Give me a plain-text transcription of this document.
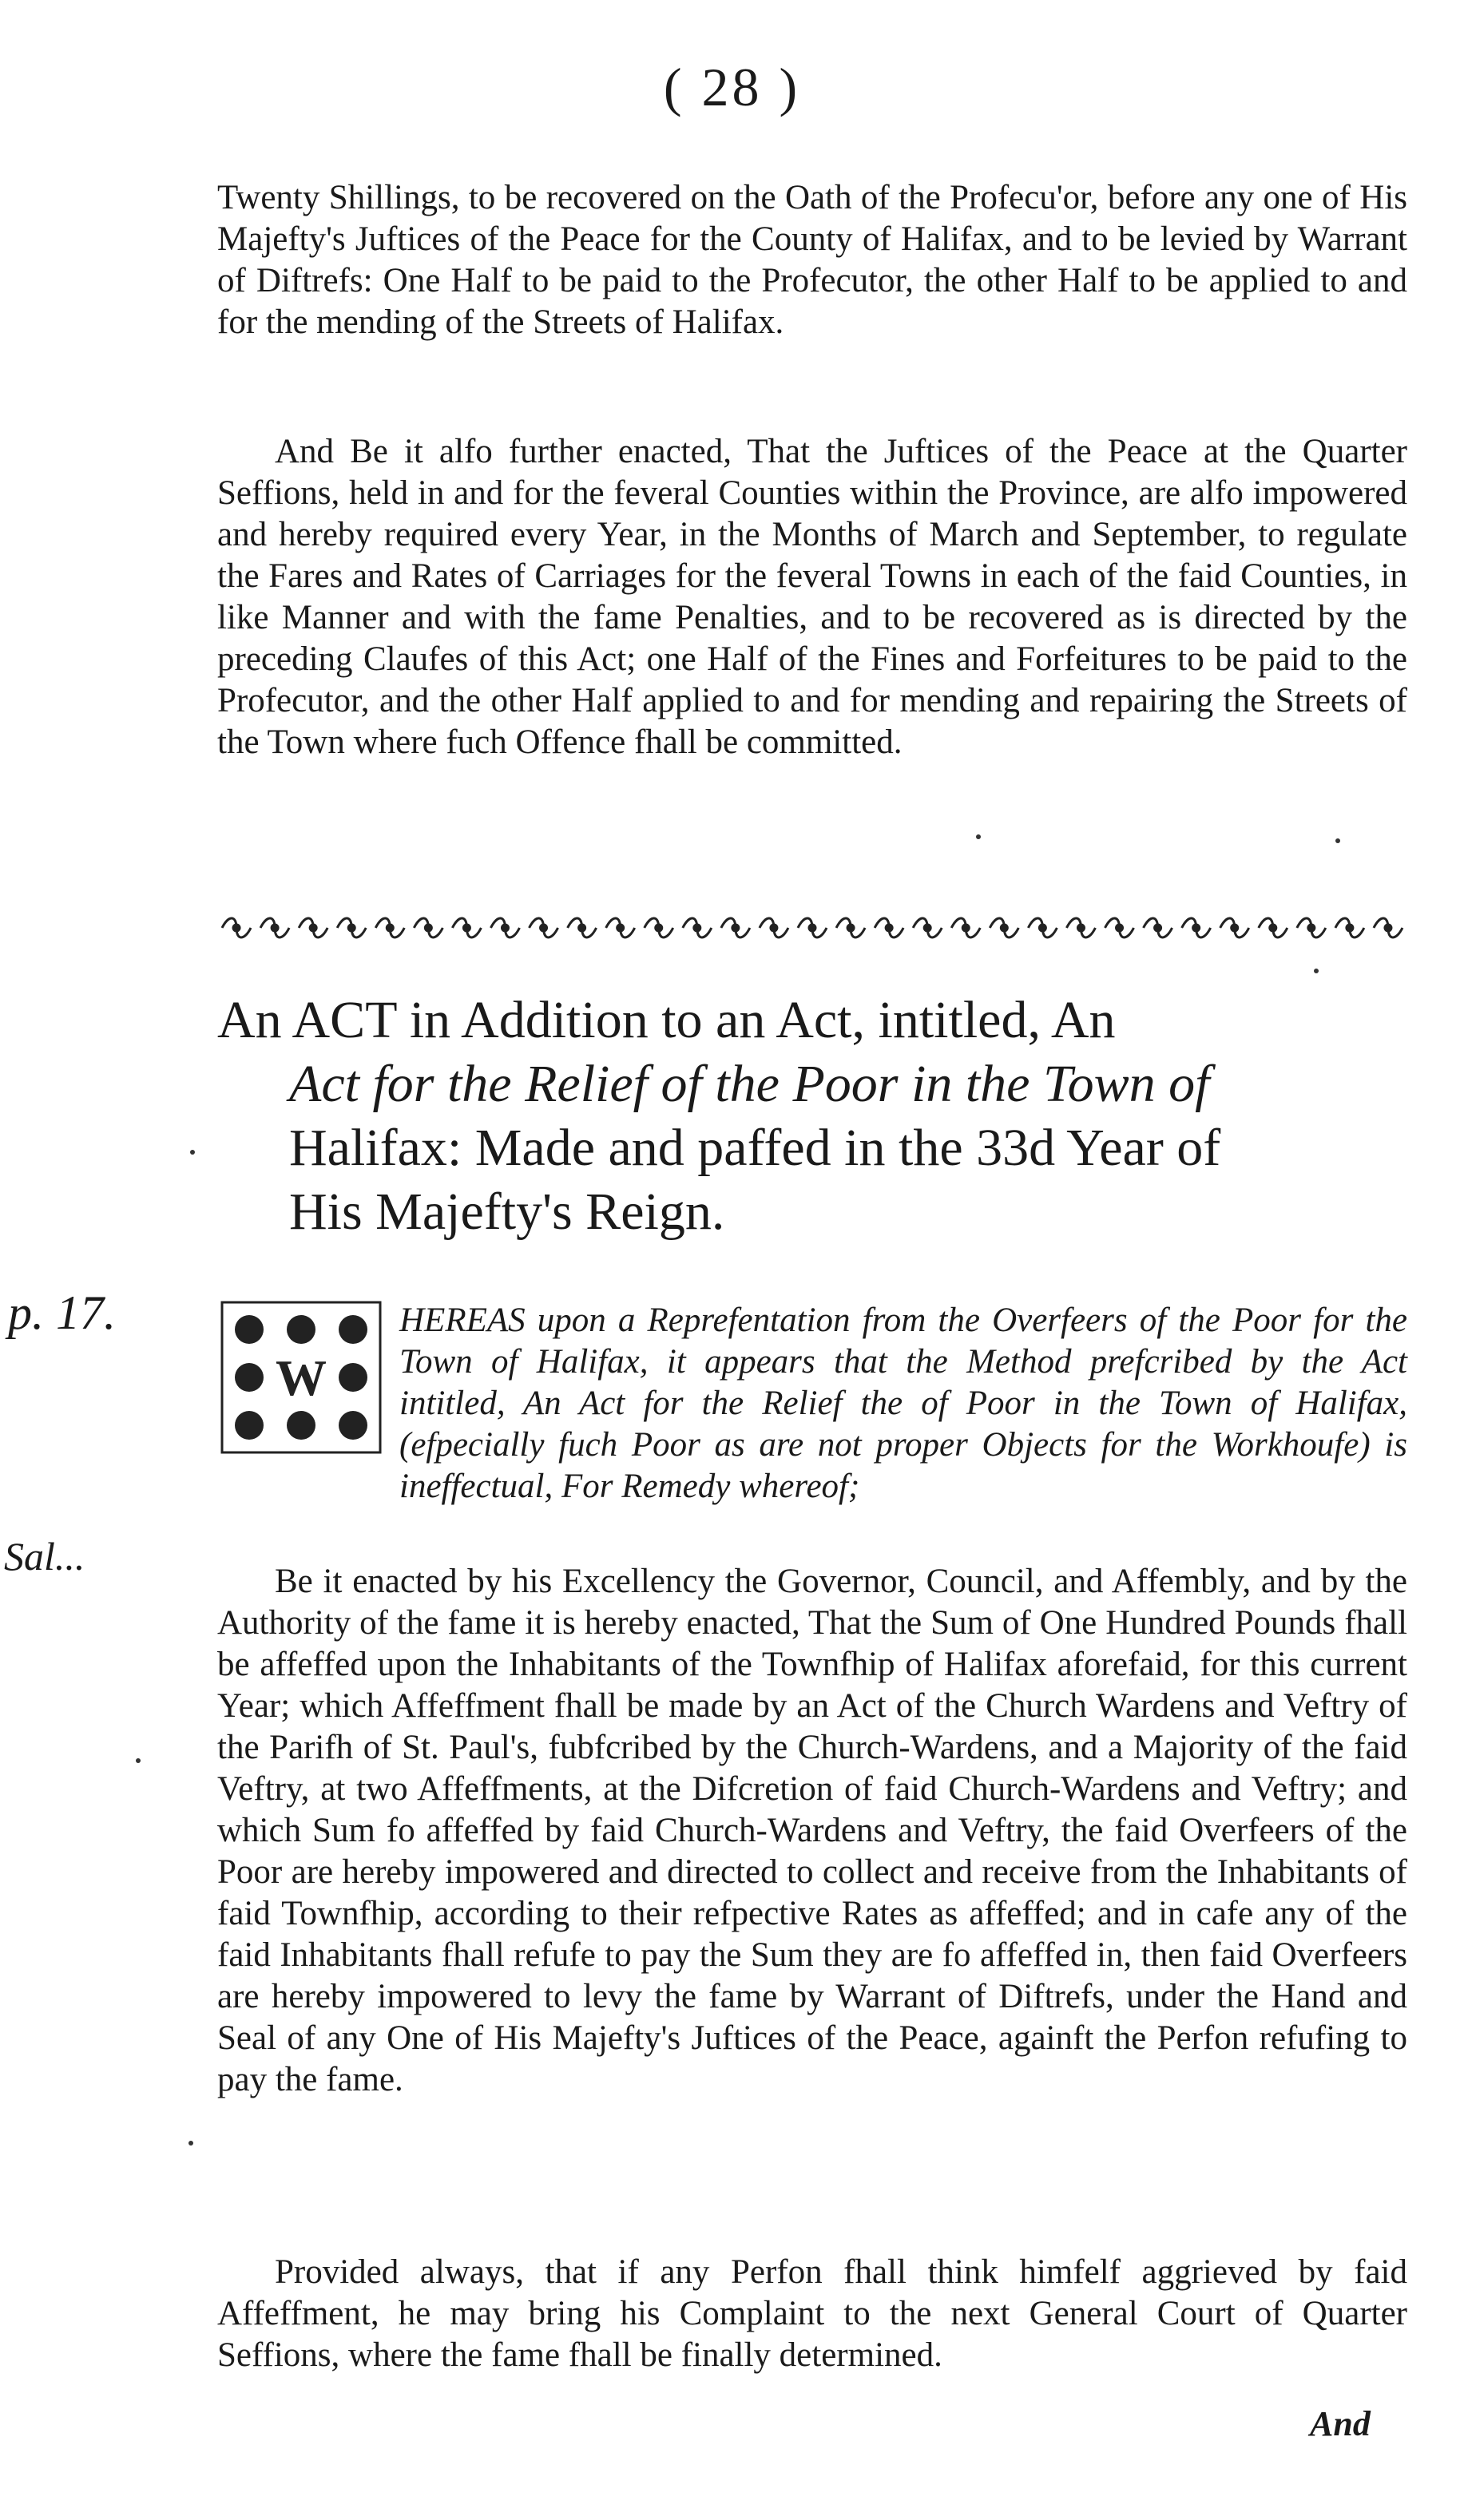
( 28 )

Twenty Shillings, to be recovered on the Oath of the Profecu'or, before any one of His Majefty's Juftices of the Peace for the County of Halifax, and to be levied by Warrant of Diftrefs: One Half to be paid to the Profecutor, the other Half to be applied to and for the mending of the Streets of Halifax.

And Be it alfo further enacted, That the Juftices of the Peace at the Quarter Seffions, held in and for the feveral Counties within the Province, are alfo impowered and hereby required every Year, in the Months of March and September, to regulate the Fares and Rates of Carriages for the feveral Towns in each of the faid Counties, in like Manner and with the fame Penalties, and to be recovered as is directed by the preceding Claufes of this Act; one Half of the Fines and Forfeitures to be paid to the Profecutor, and the other Half applied to and for mending and repairing the Streets of the Town where fuch Offence fhall be committed.

An ACT in Addition to an Act, intitled, An
Act for the Relief of the Poor in the Town of
Halifax: Made and paffed in the 33d Year of
His Majefty's Reign.
W

HEREAS upon a Reprefentation from the Overfeers of the Poor for the Town of Halifax, it appears that the Method prefcribed by the Act intitled, An Act for the Relief the of Poor in the Town of Halifax, (efpecially fuch Poor as are not proper Objects for the Workhoufe) is ineffectual, For Remedy whereof;

Be it enacted by his Excellency the Governor, Council, and Affembly, and by the Authority of the fame it is hereby enacted, That the Sum of One Hundred Pounds fhall be affeffed upon the Inhabitants of the Townfhip of Halifax aforefaid, for this current Year; which Affeffment fhall be made by an Act of the Church Wardens and Veftry of the Parifh of St. Paul's, fubfcribed by the Church-Wardens, and a Majority of the faid Veftry, at two Affeffments, at the Difcretion of faid Church-Wardens and Veftry; and which Sum fo affeffed by faid Church-Wardens and Veftry, the faid Overfeers of the Poor are hereby impowered and directed to collect and receive from the Inhabitants of faid Townfhip, according to their refpective Rates as affeffed; and in cafe any of the faid Inhabitants fhall refufe to pay the Sum they are fo affeffed in, then faid Overfeers are hereby impowered to levy the fame by Warrant of Diftrefs, under the Hand and Seal of any One of His Majefty's Juftices of the Peace, againft the Perfon refufing to pay the fame.

Provided always, that if any Perfon fhall think himfelf aggrieved by faid Affeffment, he may bring his Complaint to the next General Court of Quarter Seffions, where the fame fhall be finally determined.

p. 17.
Sal...
And
